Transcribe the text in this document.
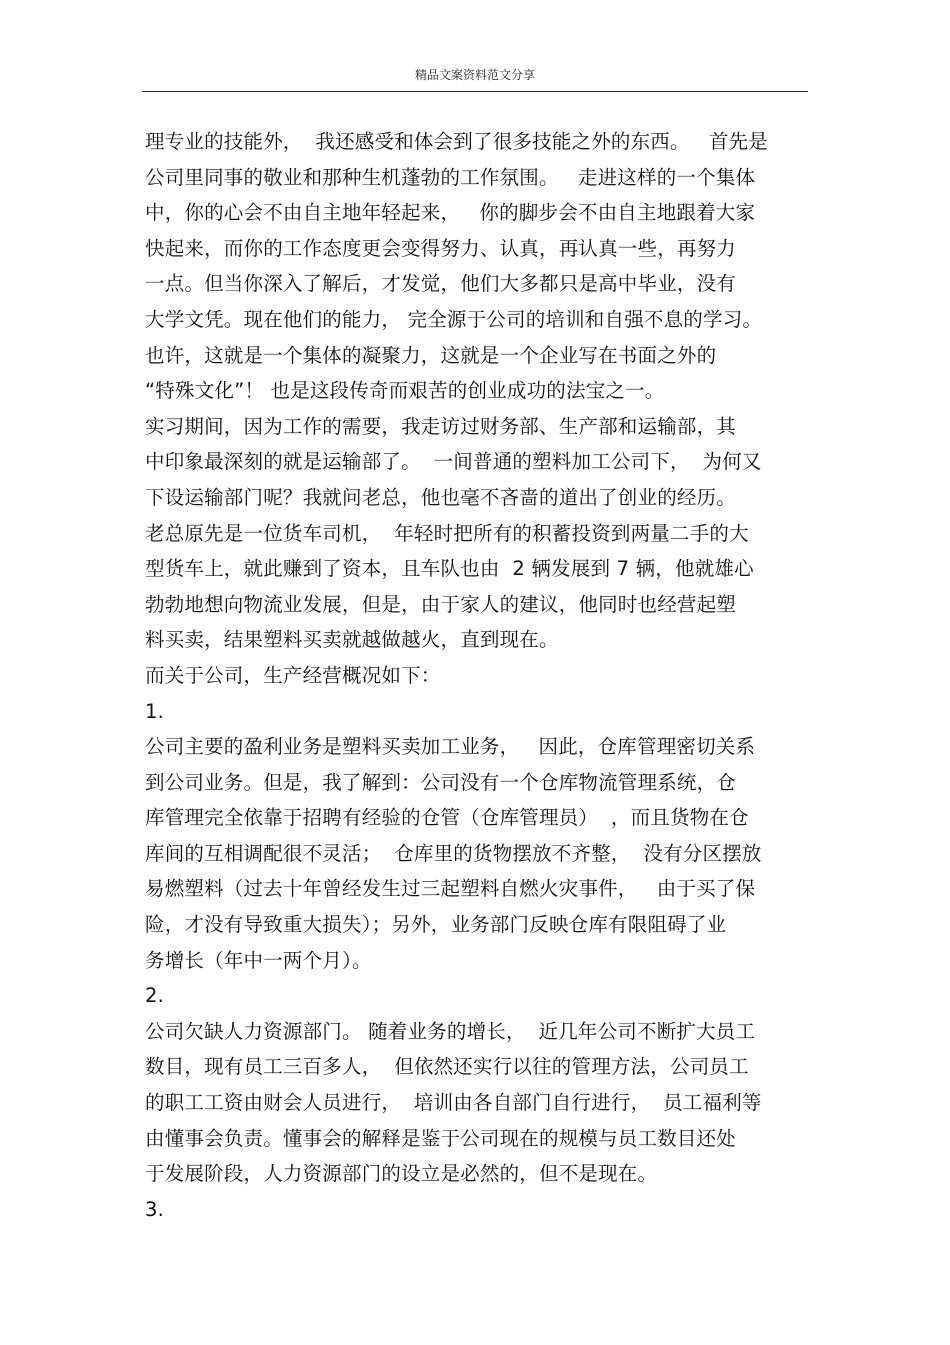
精品文案资料范文分享
理专业的技能外，  我还感受和体会到了很多技能之外的东西。   首先是
公司里同事的敬业和那种生机蓬勃的工作氛围。   走进这样的一个集体
中，你的心会不由自主地年轻起来，   你的脚步会不由自主地跟着大家
快起来，而你的工作态度更会变得努力、认真，再认真一些，再努力
一点。但当你深入了解后，才发觉，他们大多都只是高中毕业，没有
大学文凭。现在他们的能力， 完全源于公司的培训和自强不息的学习。
也许，这就是一个集体的凝聚力，这就是一个企业写在书面之外的
“特殊文化”！ 也是这段传奇而艰苦的创业成功的法宝之一。
实习期间，因为工作的需要，我走访过财务部、生产部和运输部，其
中印象最深刻的就是运输部了。  一间普通的塑料加工公司下，  为何又
下设运输部门呢？我就问老总，他也毫不吝啬的道出了创业的经历。
老总原先是一位货车司机，  年轻时把所有的积蓄投资到两量二手的大
型货车上，就此赚到了资本，且车队也由  2 辆发展到 7 辆，他就雄心
勃勃地想向物流业发展，但是，由于家人的建议，他同时也经营起塑
料买卖，结果塑料买卖就越做越火，直到现在。
而关于公司，生产经营概况如下：
1.
公司主要的盈利业务是塑料买卖加工业务，   因此，仓库管理密切关系
到公司业务。但是，我了解到：公司没有一个仓库物流管理系统，仓
库管理完全依靠于招聘有经验的仓管（仓库管理员）  ，而且货物在仓
库间的互相调配很不灵活；  仓库里的货物摆放不齐整，  没有分区摆放
易燃塑料（过去十年曾经发生过三起塑料自燃火灾事件，   由于买了保
险，才没有导致重大损失）；另外，业务部门反映仓库有限阻碍了业
务增长（年中一两个月）。
2.
公司欠缺人力资源部门。 随着业务的增长，  近几年公司不断扩大员工
数目，现有员工三百多人，  但依然还实行以往的管理方法，公司员工
的职工工资由财会人员进行，  培训由各自部门自行进行，  员工福利等
由懂事会负责。懂事会的解释是鉴于公司现在的规模与员工数目还处
于发展阶段，人力资源部门的设立是必然的，但不是现在。
3.
